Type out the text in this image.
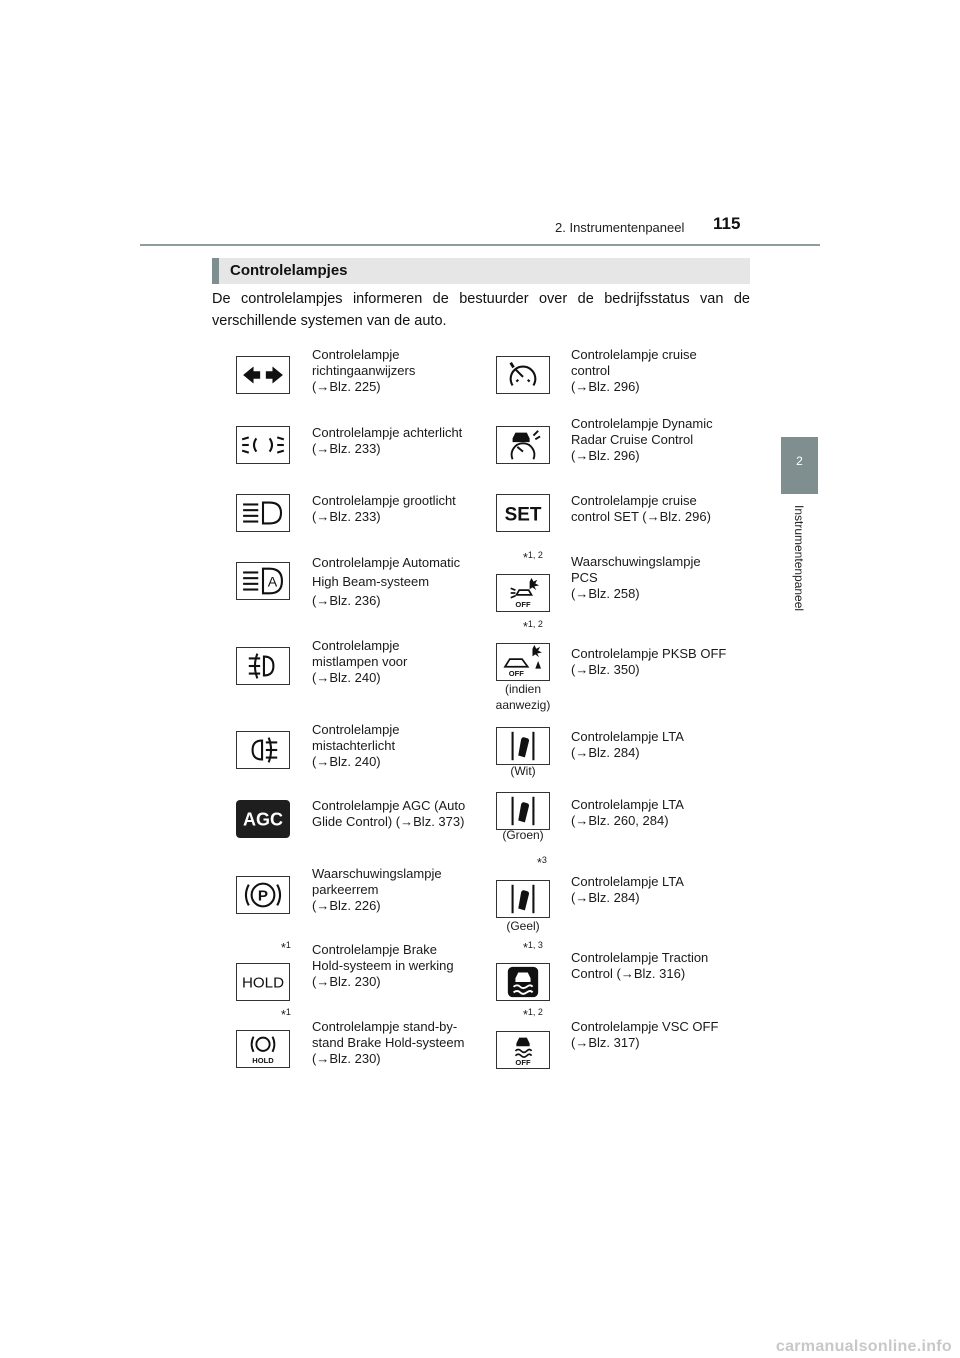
2. Instrumentenpaneel 115
2
Instrumentenpaneel
Controlelampjes
De controlelampjes informeren de bestuurder over de bedrijfsstatus van de verschillende systemen van de auto.
Controlelampje
richtingaanwijzers
(→Blz. 225)
Controlelampje achterlicht
(→Blz. 233)
Controlelampje grootlicht
(→Blz. 233)
A
Controlelampje Automatic
High Beam-systeem
(→Blz. 236)
Controlelampje
mistlampen voor
(→Blz. 240)
Controlelampje
mistachterlicht
(→Blz. 240)
AGC
Controlelampje AGC (Auto
Glide Control) (→Blz. 373)
P
Waarschuwingslampje
parkeerrem
(→Blz. 226)
*$^1$
HOLD
Controlelampje Brake
Hold-systeem in werking
(→Blz. 230)
*$^1$
HOLD
Controlelampje stand-by-
stand Brake Hold-systeem
(→Blz. 230)
Controlelampje cruise
control
(→Blz. 296)
Controlelampje Dynamic
Radar Cruise Control
(→Blz. 296)
SET
Controlelampje cruise
control SET (→Blz. 296)
*$^{1, 2}$
OFF
Waarschuwingslampje
PCS
(→Blz. 258)
*$^{1, 2}$
OFF
(indien
aanwezig)
Controlelampje PKSB OFF
(→Blz. 350)
(Wit)
Controlelampje LTA
(→Blz. 284)
(Groen)
Controlelampje LTA
(→Blz. 260, 284)
*$^3$
(Geel)
Controlelampje LTA
(→Blz. 284)
*$^{1, 3}$
Controlelampje Traction
Control (→Blz. 316)
*$^{1, 2}$
OFF
Controlelampje VSC OFF
(→Blz. 317)
carmanualsonline.info
